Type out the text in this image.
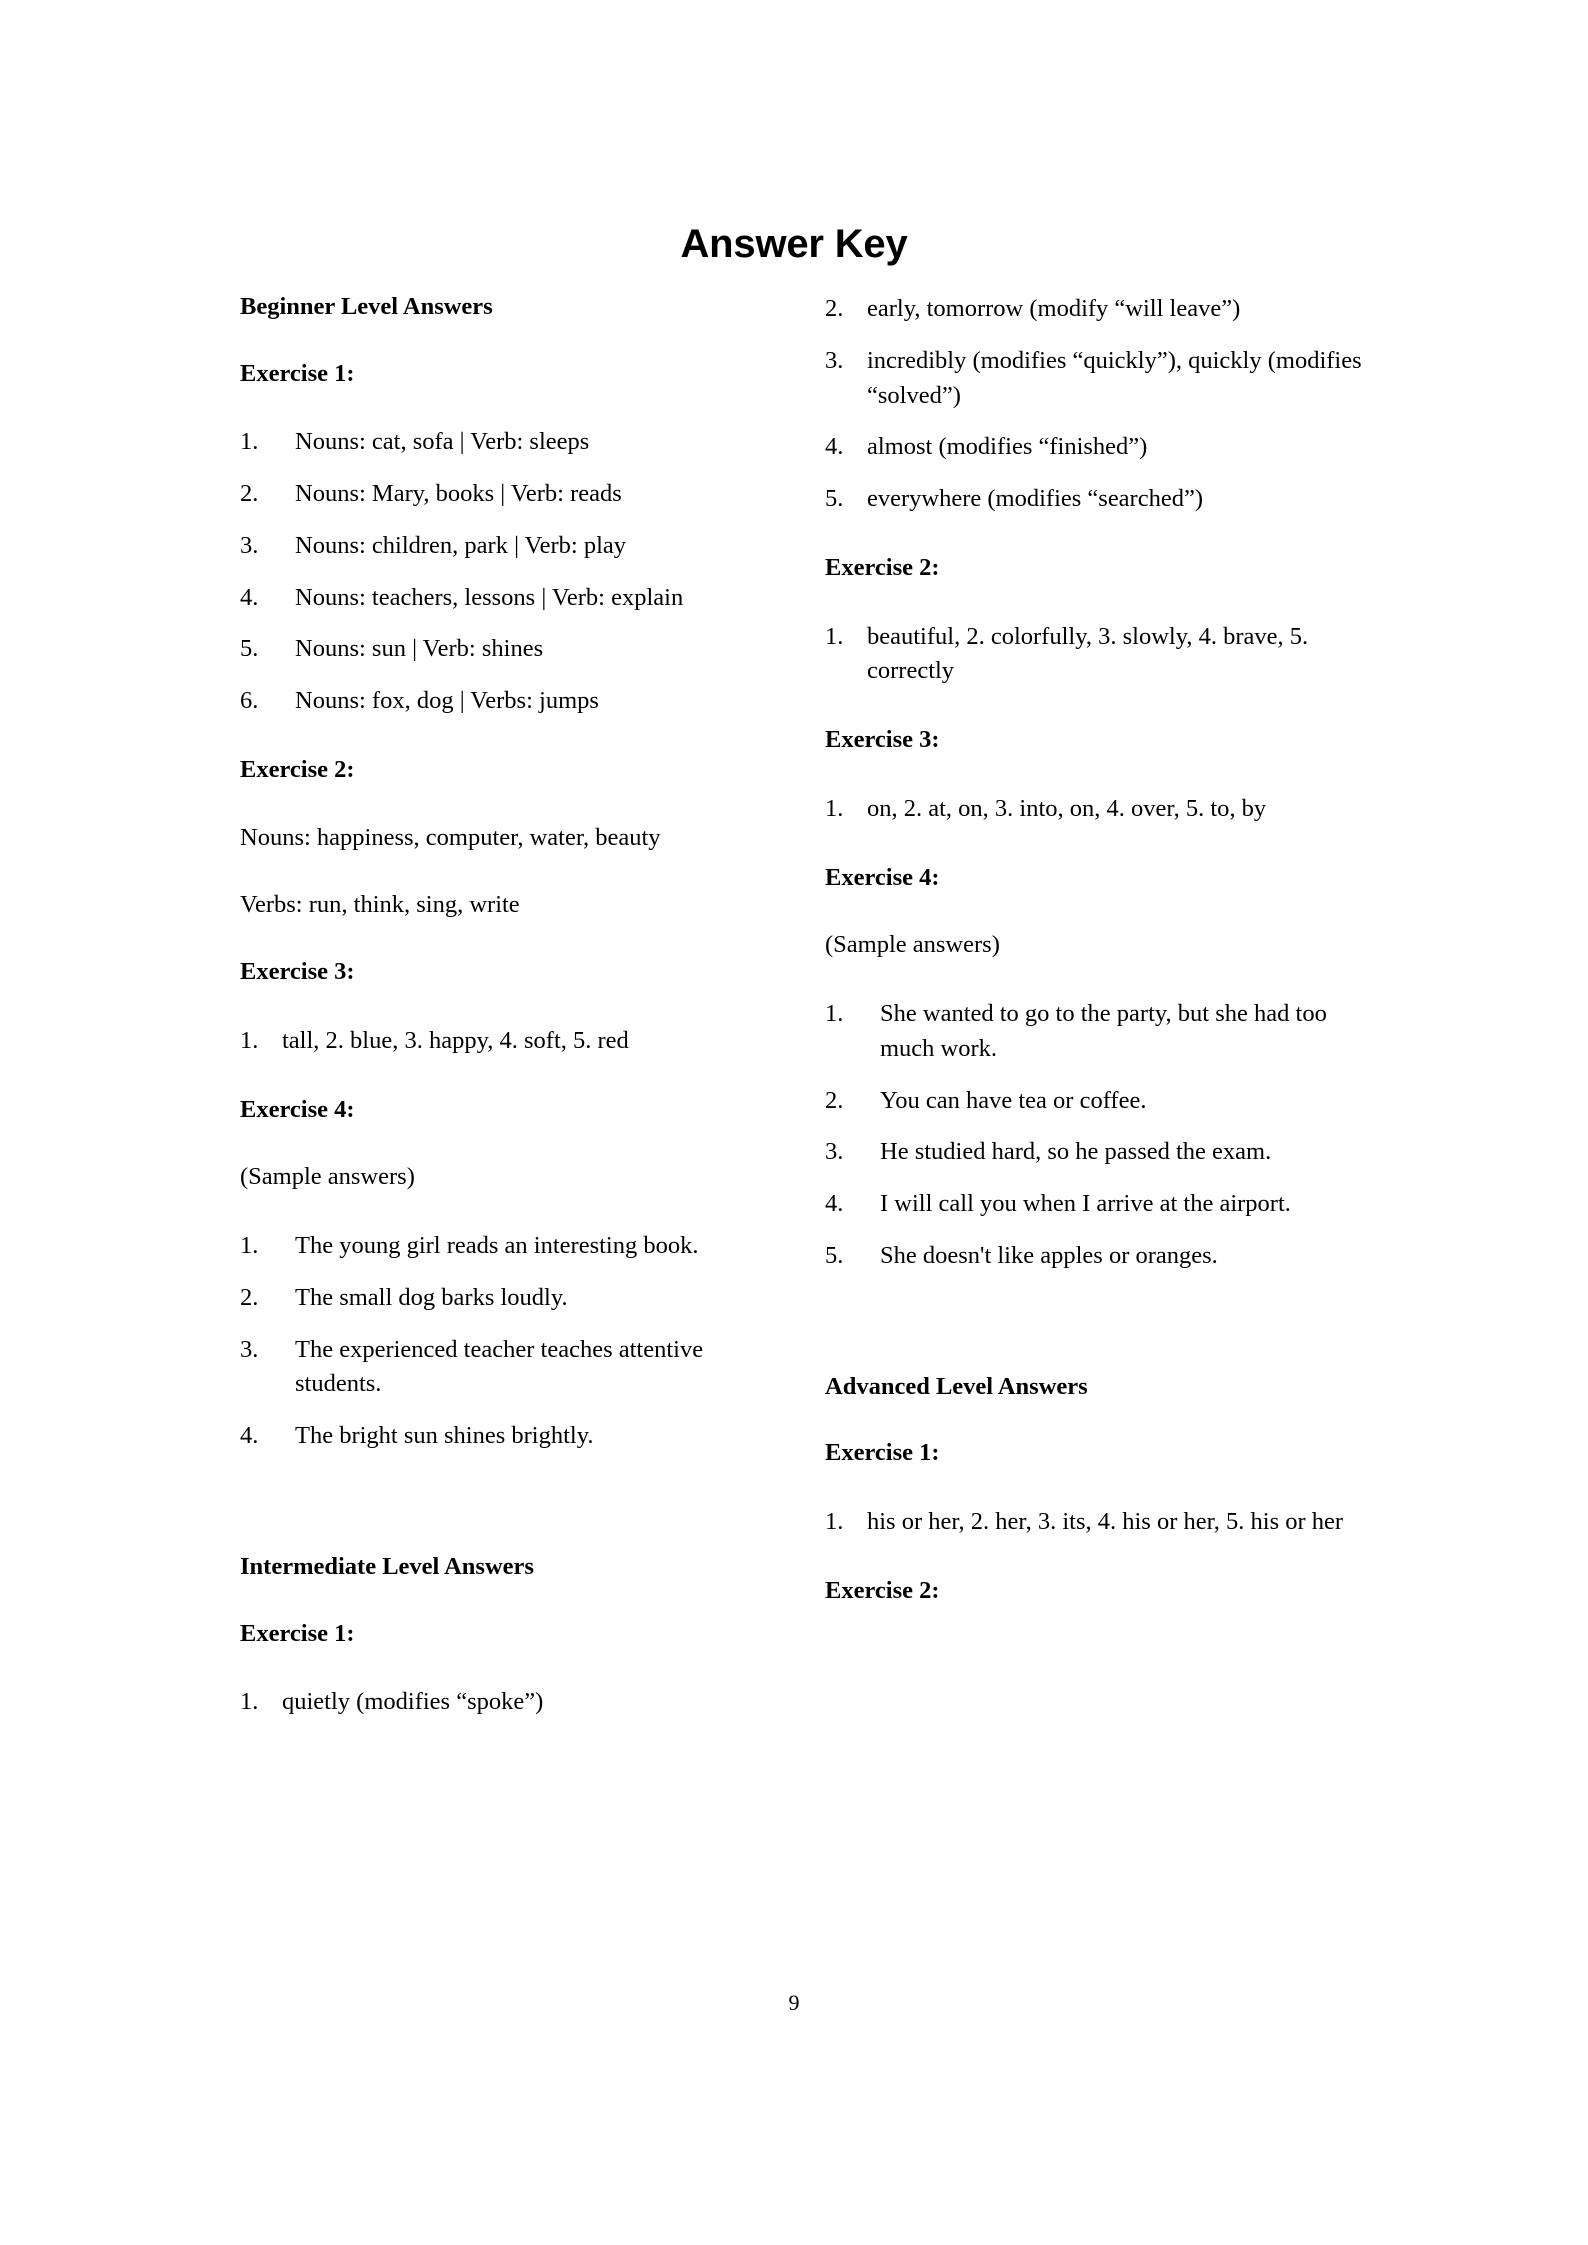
Answer Key
Beginner Level Answers
Exercise 1:
1.	Nouns: cat, sofa | Verb: sleeps
2.	Nouns: Mary, books | Verb: reads
3.	Nouns: children, park | Verb: play
4.	Nouns: teachers, lessons | Verb: explain
5.	Nouns: sun | Verb: shines
6.	Nouns: fox, dog | Verbs: jumps
Exercise 2:
Nouns: happiness, computer, water, beauty
Verbs: run, think, sing, write
Exercise 3:
1. tall, 2. blue, 3. happy, 4. soft, 5. red
Exercise 4:
(Sample answers)
1.	The young girl reads an interesting book.
2.	The small dog barks loudly.
3.	The experienced teacher teaches attentive students.
4.	The bright sun shines brightly.
Intermediate Level Answers
Exercise 1:
1. quietly (modifies “spoke”)
2. early, tomorrow (modify “will leave”)
3. incredibly (modifies “quickly”), quickly (modifies “solved”)
4. almost (modifies “finished”)
5. everywhere (modifies “searched”)
Exercise 2:
1. beautiful, 2. colorfully, 3. slowly, 4. brave, 5. correctly
Exercise 3:
1. on, 2. at, on, 3. into, on, 4. over, 5. to, by
Exercise 4:
(Sample answers)
1.	She wanted to go to the party, but she had too much work.
2.	You can have tea or coffee.
3.	He studied hard, so he passed the exam.
4.	I will call you when I arrive at the airport.
5.	She doesn't like apples or oranges.
Advanced Level Answers
Exercise 1:
1. his or her, 2. her, 3. its, 4. his or her, 5. his or her
Exercise 2:
9
